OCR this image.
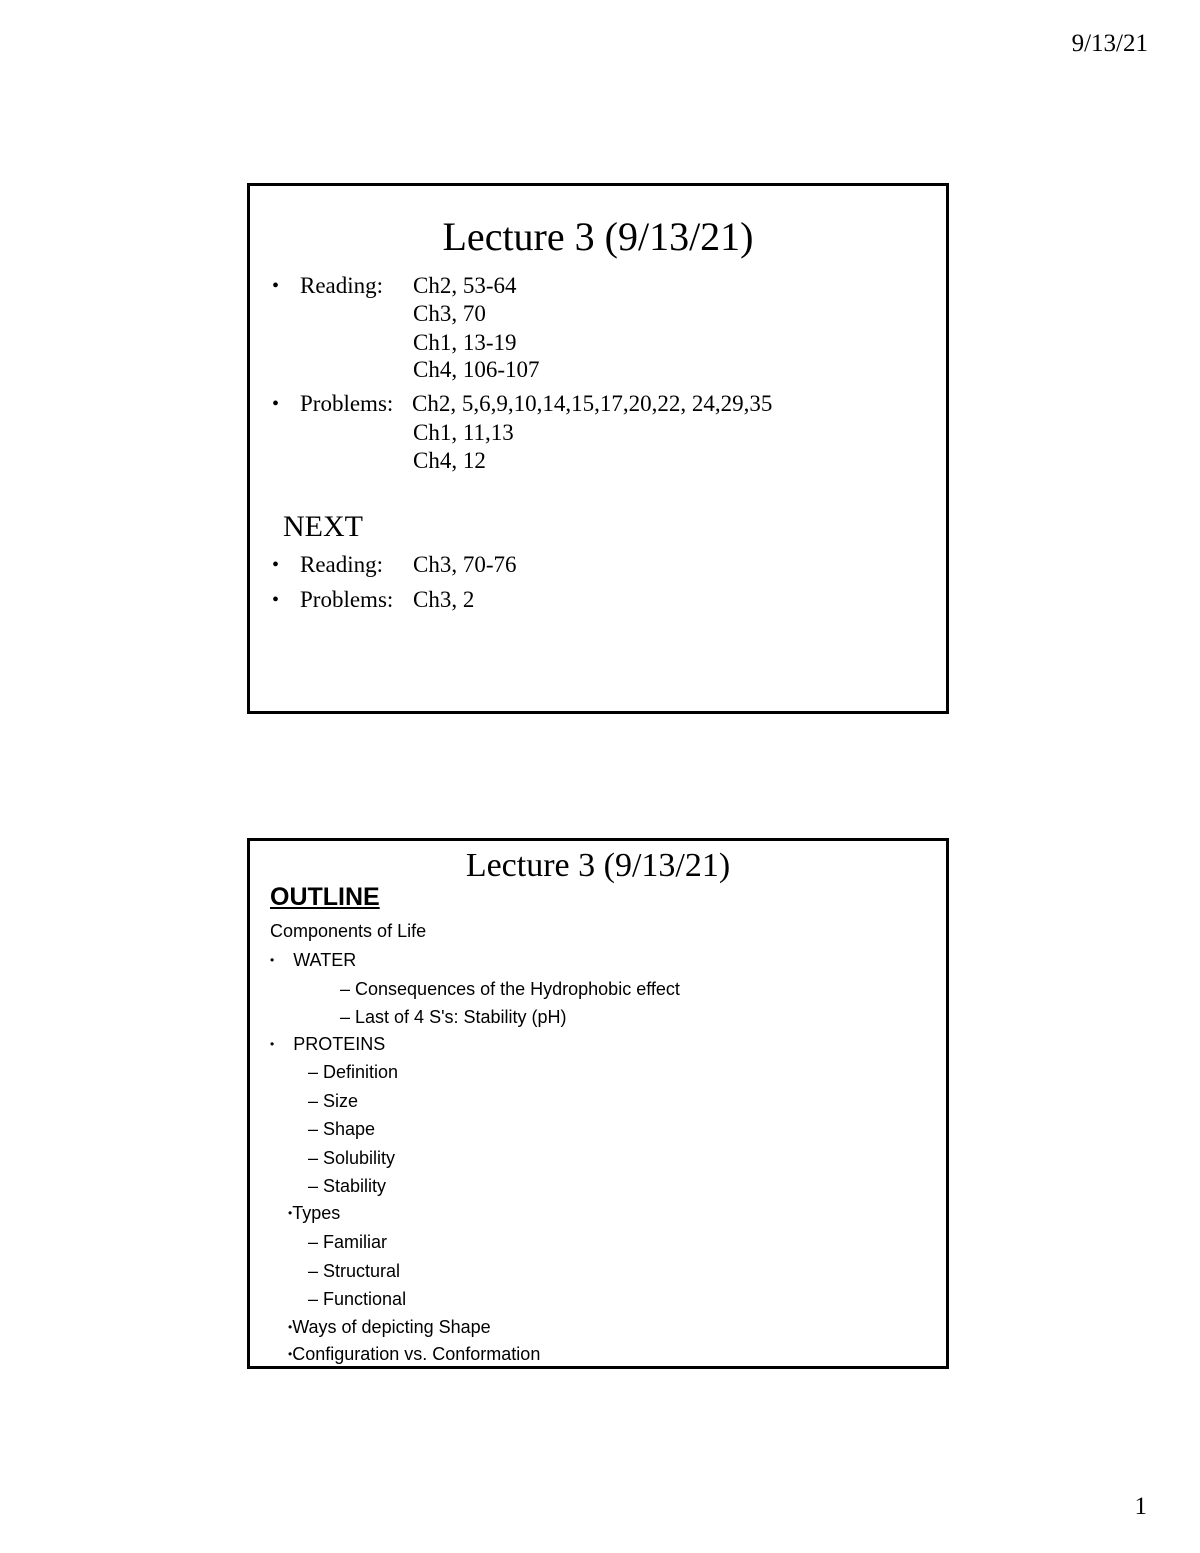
9/13/21
Lecture 3 (9/13/21)
• Reading: Ch2, 53-64
Ch3, 70
Ch1, 13-19
Ch4, 106-107
• Problems: Ch2, 5,6,9,10,14,15,17,20,22, 24,29,35
Ch1, 11,13
Ch4, 12
NEXT
• Reading: Ch3, 70-76
• Problems: Ch3, 2
Lecture 3 (9/13/21)
OUTLINE
Components of Life
• WATER
– Consequences of the Hydrophobic effect
– Last of 4 S's: Stability (pH)
• PROTEINS
– Definition
– Size
– Shape
– Solubility
– Stability
•Types
– Familiar
– Structural
– Functional
•Ways of depicting Shape
•Configuration vs. Conformation
1
